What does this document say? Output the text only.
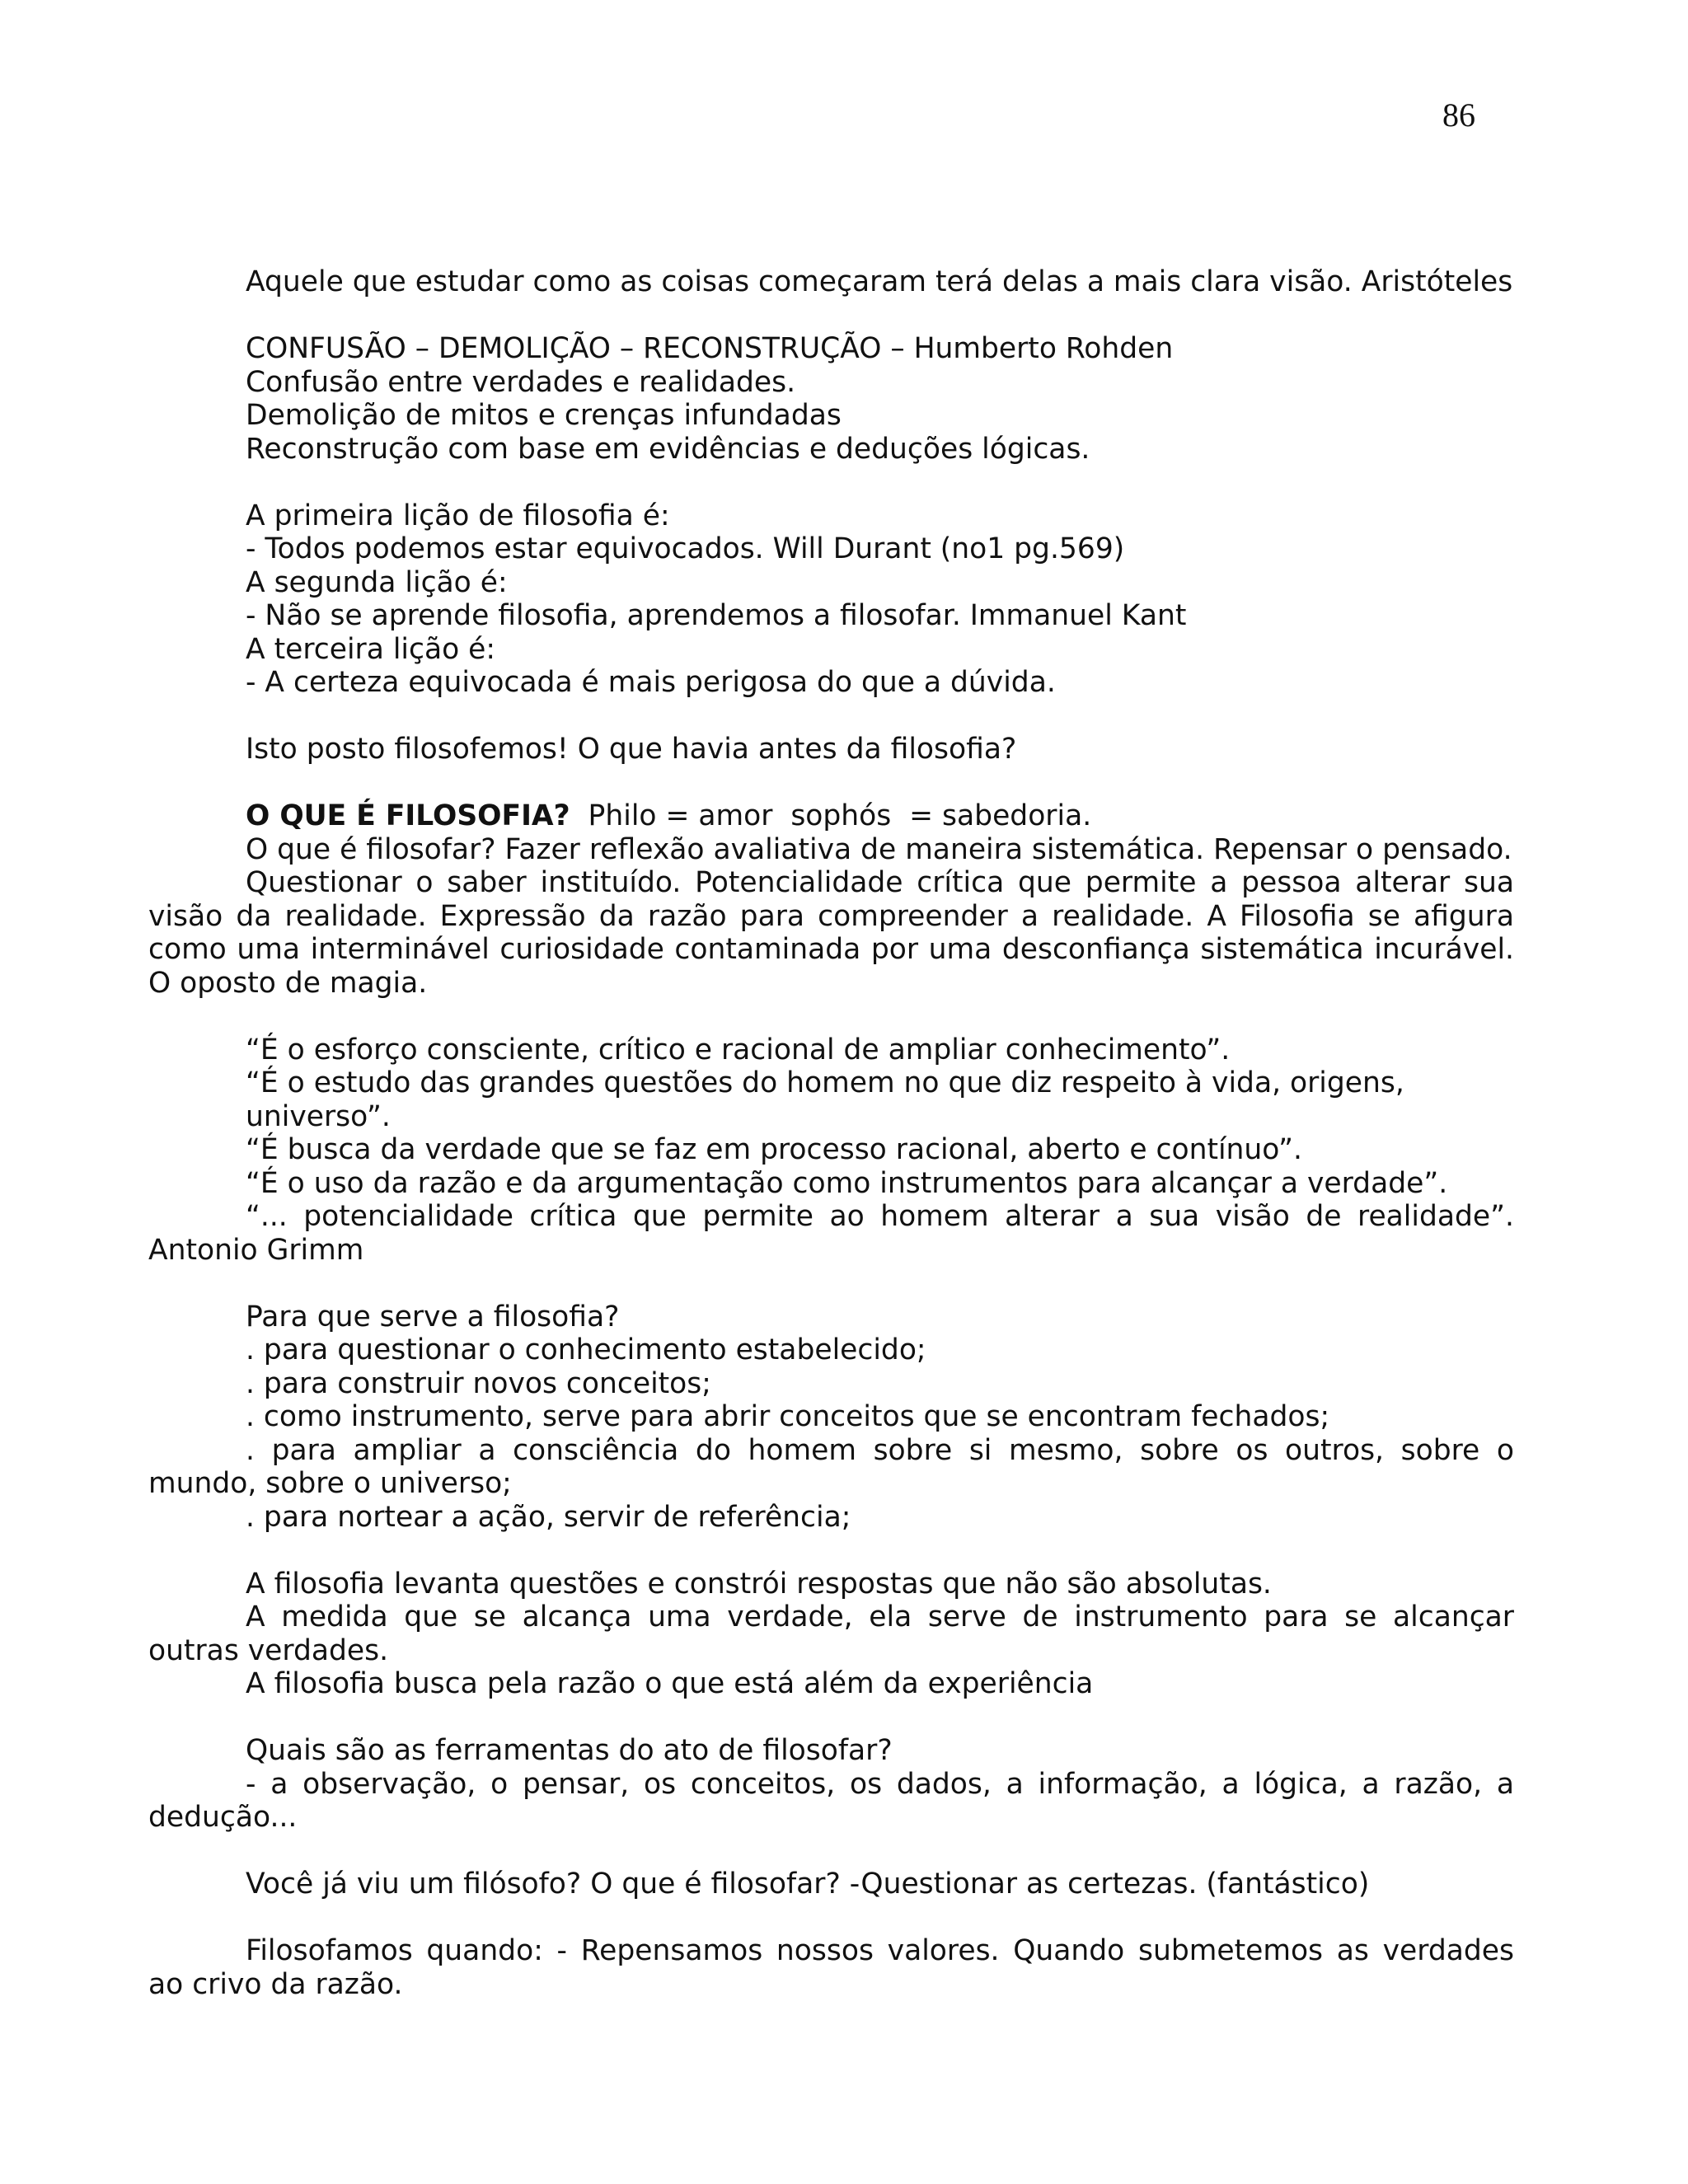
86

Aquele que estudar como as coisas começaram terá delas a mais clara visão. Aristóteles

CONFUSÃO – DEMOLIÇÃO – RECONSTRUÇÃO – Humberto Rohden

Confusão entre verdades e realidades.

Demolição de mitos e crenças infundadas

Reconstrução com base em evidências e deduções lógicas.

A primeira lição de filosofia é:

- Todos podemos estar equivocados. Will Durant (no1 pg.569)

A segunda lição é:

- Não se aprende filosofia, aprendemos a filosofar. Immanuel Kant

A terceira lição é:

- A certeza equivocada é mais perigosa do que a dúvida.

Isto posto filosofemos! O que havia antes da filosofia?

O QUE É FILOSOFIA?  Philo = amor  sophós  = sabedoria.

O que é filosofar? Fazer reflexão avaliativa de maneira sistemática. Repensar o pensado.

Questionar o saber instituído. Potencialidade crítica que permite a pessoa alterar sua visão da realidade. Expressão da razão para compreender a realidade. A Filosofia se afigura como uma interminável curiosidade contaminada por uma desconfiança sistemática incurável. O oposto de magia.

“É o esforço consciente, crítico e racional de ampliar conhecimento”.

“É o estudo das grandes questões do homem no que diz respeito à vida, origens, universo”.

“É busca da verdade que se faz em processo racional, aberto e contínuo”.

“É o uso da razão e da argumentação como instrumentos para alcançar a verdade”.

“... potencialidade crítica que permite ao homem alterar a sua visão de realidade”. Antonio Grimm

Para que serve a filosofia?

. para questionar o conhecimento estabelecido;

. para construir novos conceitos;

. como instrumento, serve para abrir conceitos que se encontram fechados;

. para ampliar a consciência do homem sobre si mesmo, sobre os outros, sobre o mundo, sobre o universo;

. para nortear a ação, servir de referência;

A filosofia levanta questões e constrói respostas que não são absolutas.

A medida que se alcança uma verdade, ela serve de instrumento para se alcançar outras verdades.

A filosofia busca pela razão o que está além da experiência

Quais são as ferramentas do ato de filosofar?

- a observação, o pensar, os conceitos, os dados, a informação, a lógica, a razão, a dedução...

Você já viu um filósofo? O que é filosofar? -Questionar as certezas. (fantástico)

Filosofamos quando: - Repensamos nossos valores. Quando submetemos as verdades ao crivo da razão.
